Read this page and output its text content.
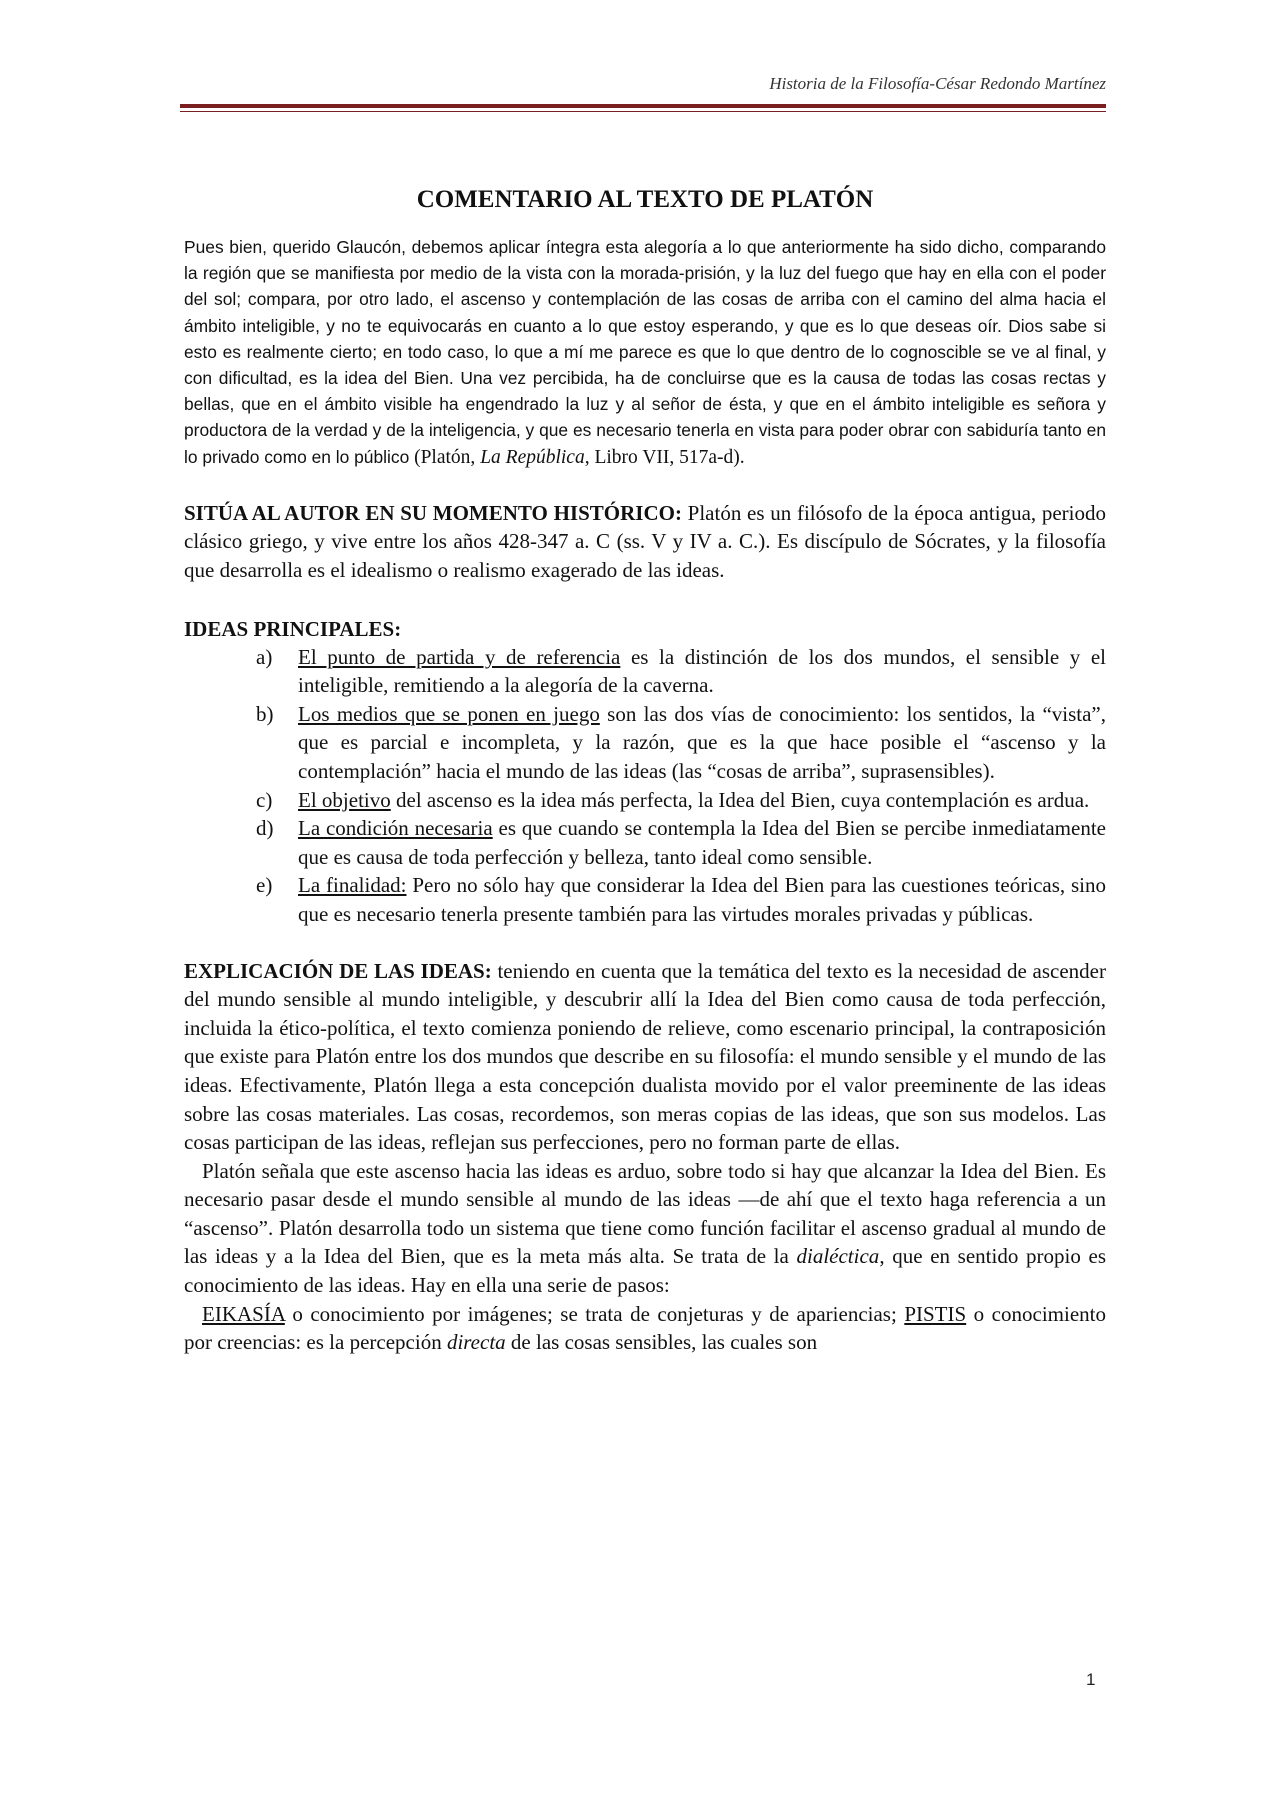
Historia de la Filosofía-César Redondo Martínez
COMENTARIO AL TEXTO DE PLATÓN

Pues bien, querido Glaucón, debemos aplicar íntegra esta alegoría a lo que anteriormente ha sido dicho, comparando la región que se manifiesta por medio de la vista con la morada-prisión, y la luz del fuego que hay en ella con el poder del sol; compara, por otro lado, el ascenso y contemplación de las cosas de arriba con el camino del alma hacia el ámbito inteligible, y no te equivocarás en cuanto a lo que estoy esperando, y que es lo que deseas oír. Dios sabe si esto es realmente cierto; en todo caso, lo que a mí me parece es que lo que dentro de lo cognoscible se ve al final, y con dificultad, es la idea del Bien. Una vez percibida, ha de concluirse que es la causa de todas las cosas rectas y bellas, que en el ámbito visible ha engendrado la luz y al señor de ésta, y que en el ámbito inteligible es señora y productora de la verdad y de la inteligencia, y que es necesario tenerla en vista para poder obrar con sabiduría tanto en lo privado como en lo público (Platón, La República, Libro VII, 517a-d).

SITÚA AL AUTOR EN SU MOMENTO HISTÓRICO: Platón es un filósofo de la época antigua, periodo clásico griego, y vive entre los años 428-347 a. C (ss. V y IV a. C.). Es discípulo de Sócrates, y la filosofía que desarrolla es el idealismo o realismo exagerado de las ideas.

IDEAS PRINCIPALES:
a) El punto de partida y de referencia es la distinción de los dos mundos, el sensible y el inteligible, remitiendo a la alegoría de la caverna.
b) Los medios que se ponen en juego son las dos vías de conocimiento: los sentidos, la “vista”, que es parcial e incompleta, y la razón, que es la que hace posible el “ascenso y la contemplación” hacia el mundo de las ideas (las “cosas de arriba”, suprasensibles).
c) El objetivo del ascenso es la idea más perfecta, la Idea del Bien, cuya contemplación es ardua.
d) La condición necesaria es que cuando se contempla la Idea del Bien se percibe inmediatamente que es causa de toda perfección y belleza, tanto ideal como sensible.
e) La finalidad: Pero no sólo hay que considerar la Idea del Bien para las cuestiones teóricas, sino que es necesario tenerla presente también para las virtudes morales privadas y públicas.

EXPLICACIÓN DE LAS IDEAS: teniendo en cuenta que la temática del texto es la necesidad de ascender del mundo sensible al mundo inteligible, y descubrir allí la Idea del Bien como causa de toda perfección, incluida la ético-política, el texto comienza poniendo de relieve, como escenario principal, la contraposición que existe para Platón entre los dos mundos que describe en su filosofía: el mundo sensible y el mundo de las ideas. Efectivamente, Platón llega a esta concepción dualista movido por el valor preeminente de las ideas sobre las cosas materiales. Las cosas, recordemos, son meras copias de las ideas, que son sus modelos. Las cosas participan de las ideas, reflejan sus perfecciones, pero no forman parte de ellas.

Platón señala que este ascenso hacia las ideas es arduo, sobre todo si hay que alcanzar la Idea del Bien. Es necesario pasar desde el mundo sensible al mundo de las ideas —de ahí que el texto haga referencia a un “ascenso”. Platón desarrolla todo un sistema que tiene como función facilitar el ascenso gradual al mundo de las ideas y a la Idea del Bien, que es la meta más alta. Se trata de la dialéctica, que en sentido propio es conocimiento de las ideas. Hay en ella una serie de pasos:

EIKASÍA o conocimiento por imágenes; se trata de conjeturas y de apariencias; PISTIS o conocimiento por creencias: es la percepción directa de las cosas sensibles, las cuales son

1
